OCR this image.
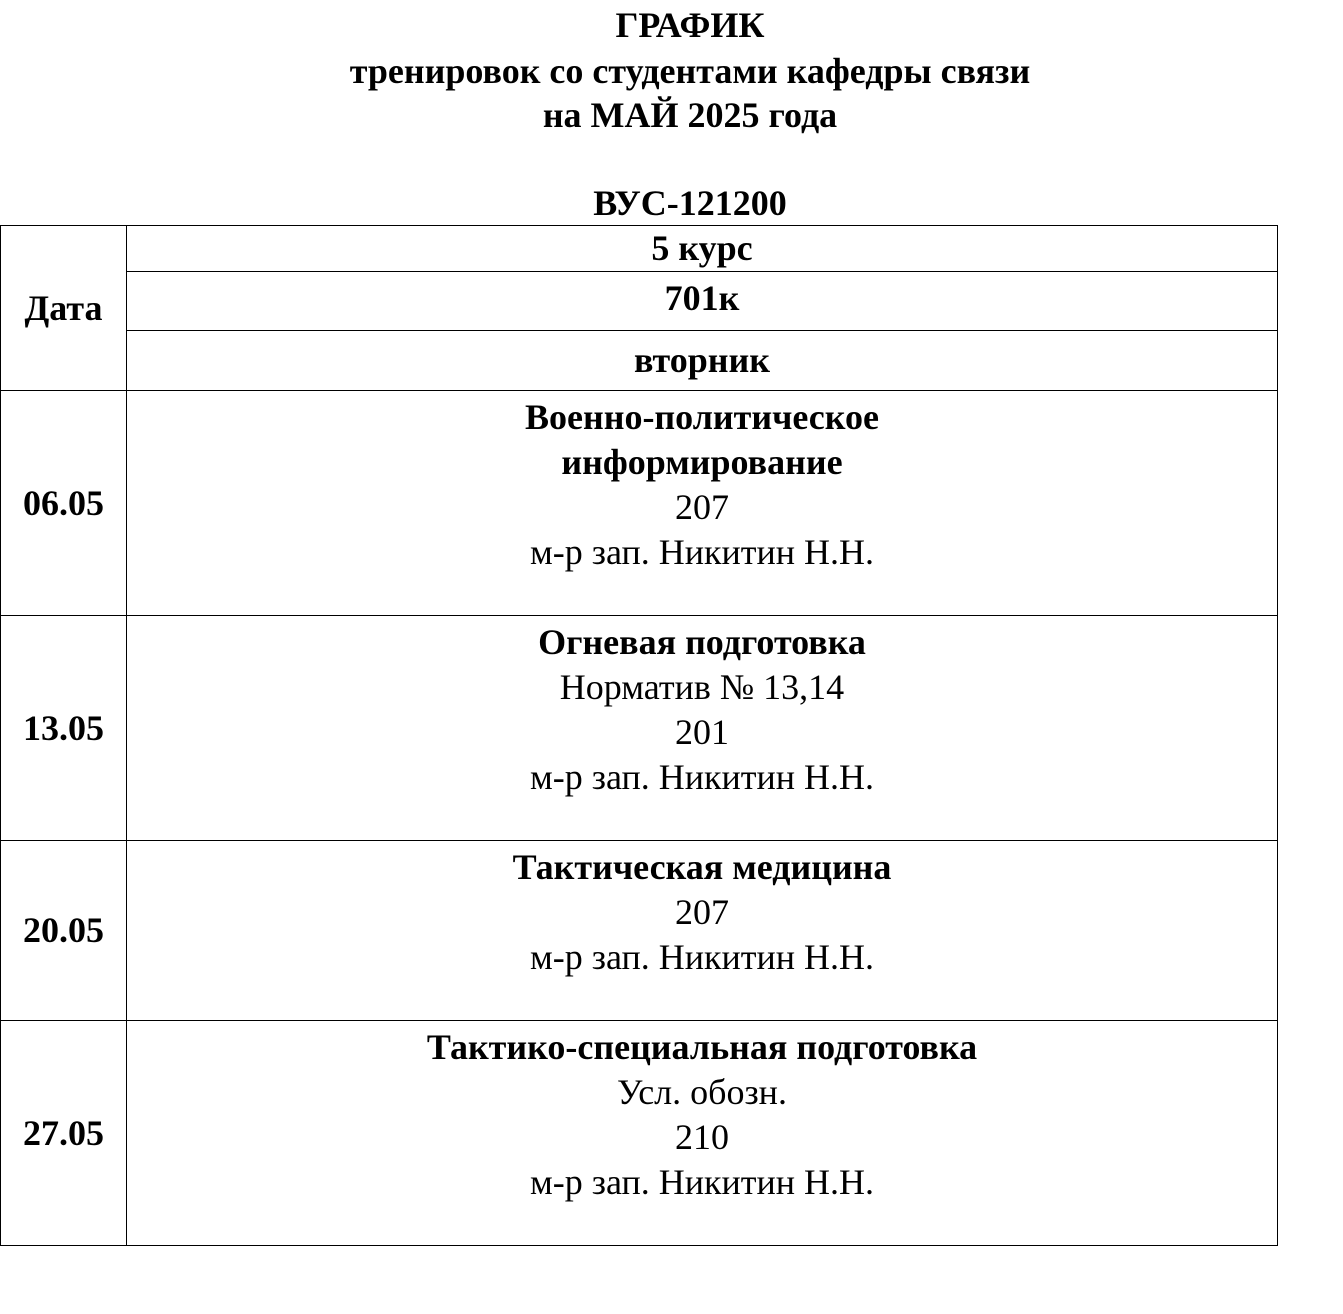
ГРАФИК
тренировок со студентами кафедры связи
на МАЙ 2025 года
ВУС-121200
Дата	5 курс
	701к
	вторник
06.05	Военно-политическое
информирование
207
м-р зап. Никитин Н.Н.

13.05	Огневая подготовка
Норматив № 13,14
201
м-р зап. Никитин Н.Н.

20.05	Тактическая медицина
207
м-р зап. Никитин Н.Н.

27.05	Тактико-специальная подготовка
Усл. обозн.
210
м-р зап. Никитин Н.Н.
